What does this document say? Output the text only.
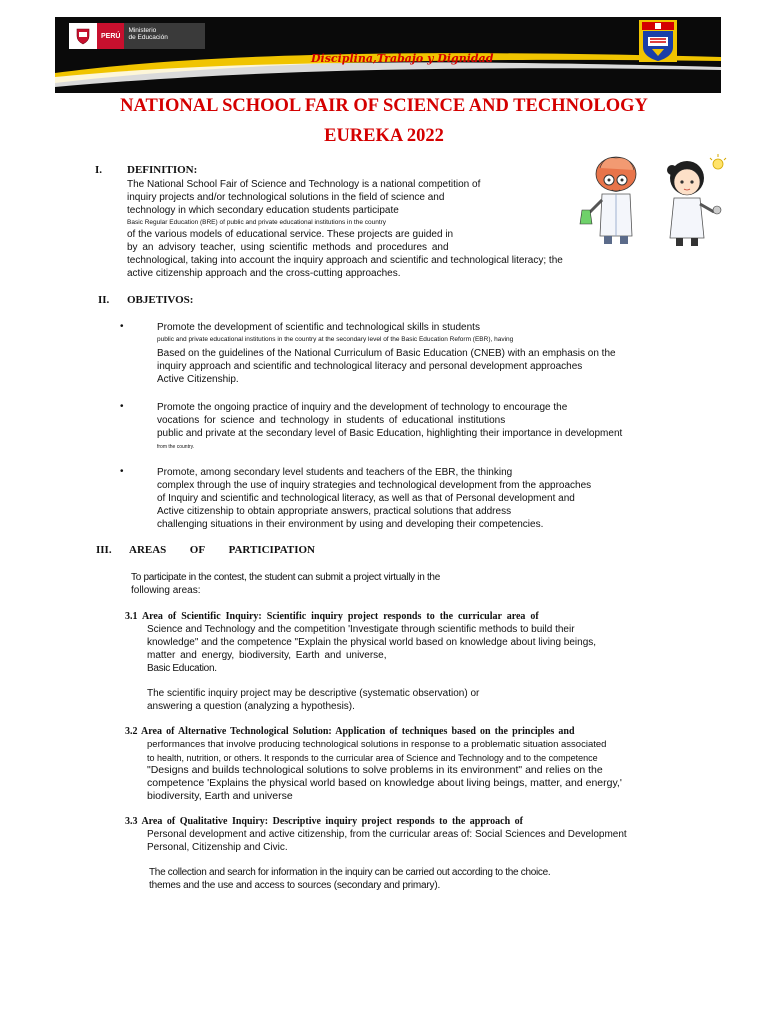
PERÚ
Ministerio
de Educación
Disciplina,Trabajo y Dignidad
NATIONAL SCHOOL FAIR OF SCIENCE AND TECHNOLOGY
EUREKA 2022
I. DEFINITION:
The National School Fair of Science and Technology is a national competition of
inquiry projects and/or technological solutions in the field of science and
technology in which secondary education students participate
Basic Regular Education (BRE) of public and private educational institutions in the country
of the various models of educational service. These projects are guided in
by an advisory teacher, using scientific methods and procedures and
technological, taking into account the inquiry approach and scientific and technological literacy; the
active citizenship approach and the cross-cutting approaches.
II. OBJETIVOS:
•	Promote the development of scientific and technological skills in students
public and private educational institutions in the country at the secondary level of the Basic Education Reform (EBR), having
Based on the guidelines of the National Curriculum of Basic Education (CNEB) with an emphasis on the
inquiry approach and scientific and technological literacy and personal development approaches
Active Citizenship.
•	Promote the ongoing practice of inquiry and the development of technology to encourage the
vocations for science and technology in students of educational institutions
public and private at the secondary level of Basic Education, highlighting their importance in development
from the country.
•	Promote, among secondary level students and teachers of the EBR, the thinking
complex through the use of inquiry strategies and technological development from the approaches
of Inquiry and scientific and technological literacy, as well as that of Personal development and
Active citizenship to obtain appropriate answers, practical solutions that address
challenging situations in their environment by using and developing their competencies.
III. AREAS OF PARTICIPATION
To participate in the contest, the student can submit a project virtually in the
following areas:
3.1 Area of Scientific Inquiry: Scientific inquiry project responds to the curricular area of
Science and Technology and the competition 'Investigate through scientific methods to build their
knowledge" and the competence "Explain the physical world based on knowledge about living beings,
matter and energy, biodiversity, Earth and universe,
Basic Education.
The scientific inquiry project may be descriptive (systematic observation) or
answering a question (analyzing a hypothesis).
3.2 Area of Alternative Technological Solution: Application of techniques based on the principles and
performances that involve producing technological solutions in response to a problematic situation associated
to health, nutrition, or others. It responds to the curricular area of Science and Technology and to the competence
"Designs and builds technological solutions to solve problems in its environment" and relies on the
competence 'Explains the physical world based on knowledge about living beings, matter, and energy,'
biodiversity, Earth and universe
3.3 Area of Qualitative Inquiry: Descriptive inquiry project responds to the approach of
Personal development and active citizenship, from the curricular areas of: Social Sciences and Development
Personal, Citizenship and Civic.
The collection and search for information in the inquiry can be carried out according to the choice.
themes and the use and access to sources (secondary and primary).
